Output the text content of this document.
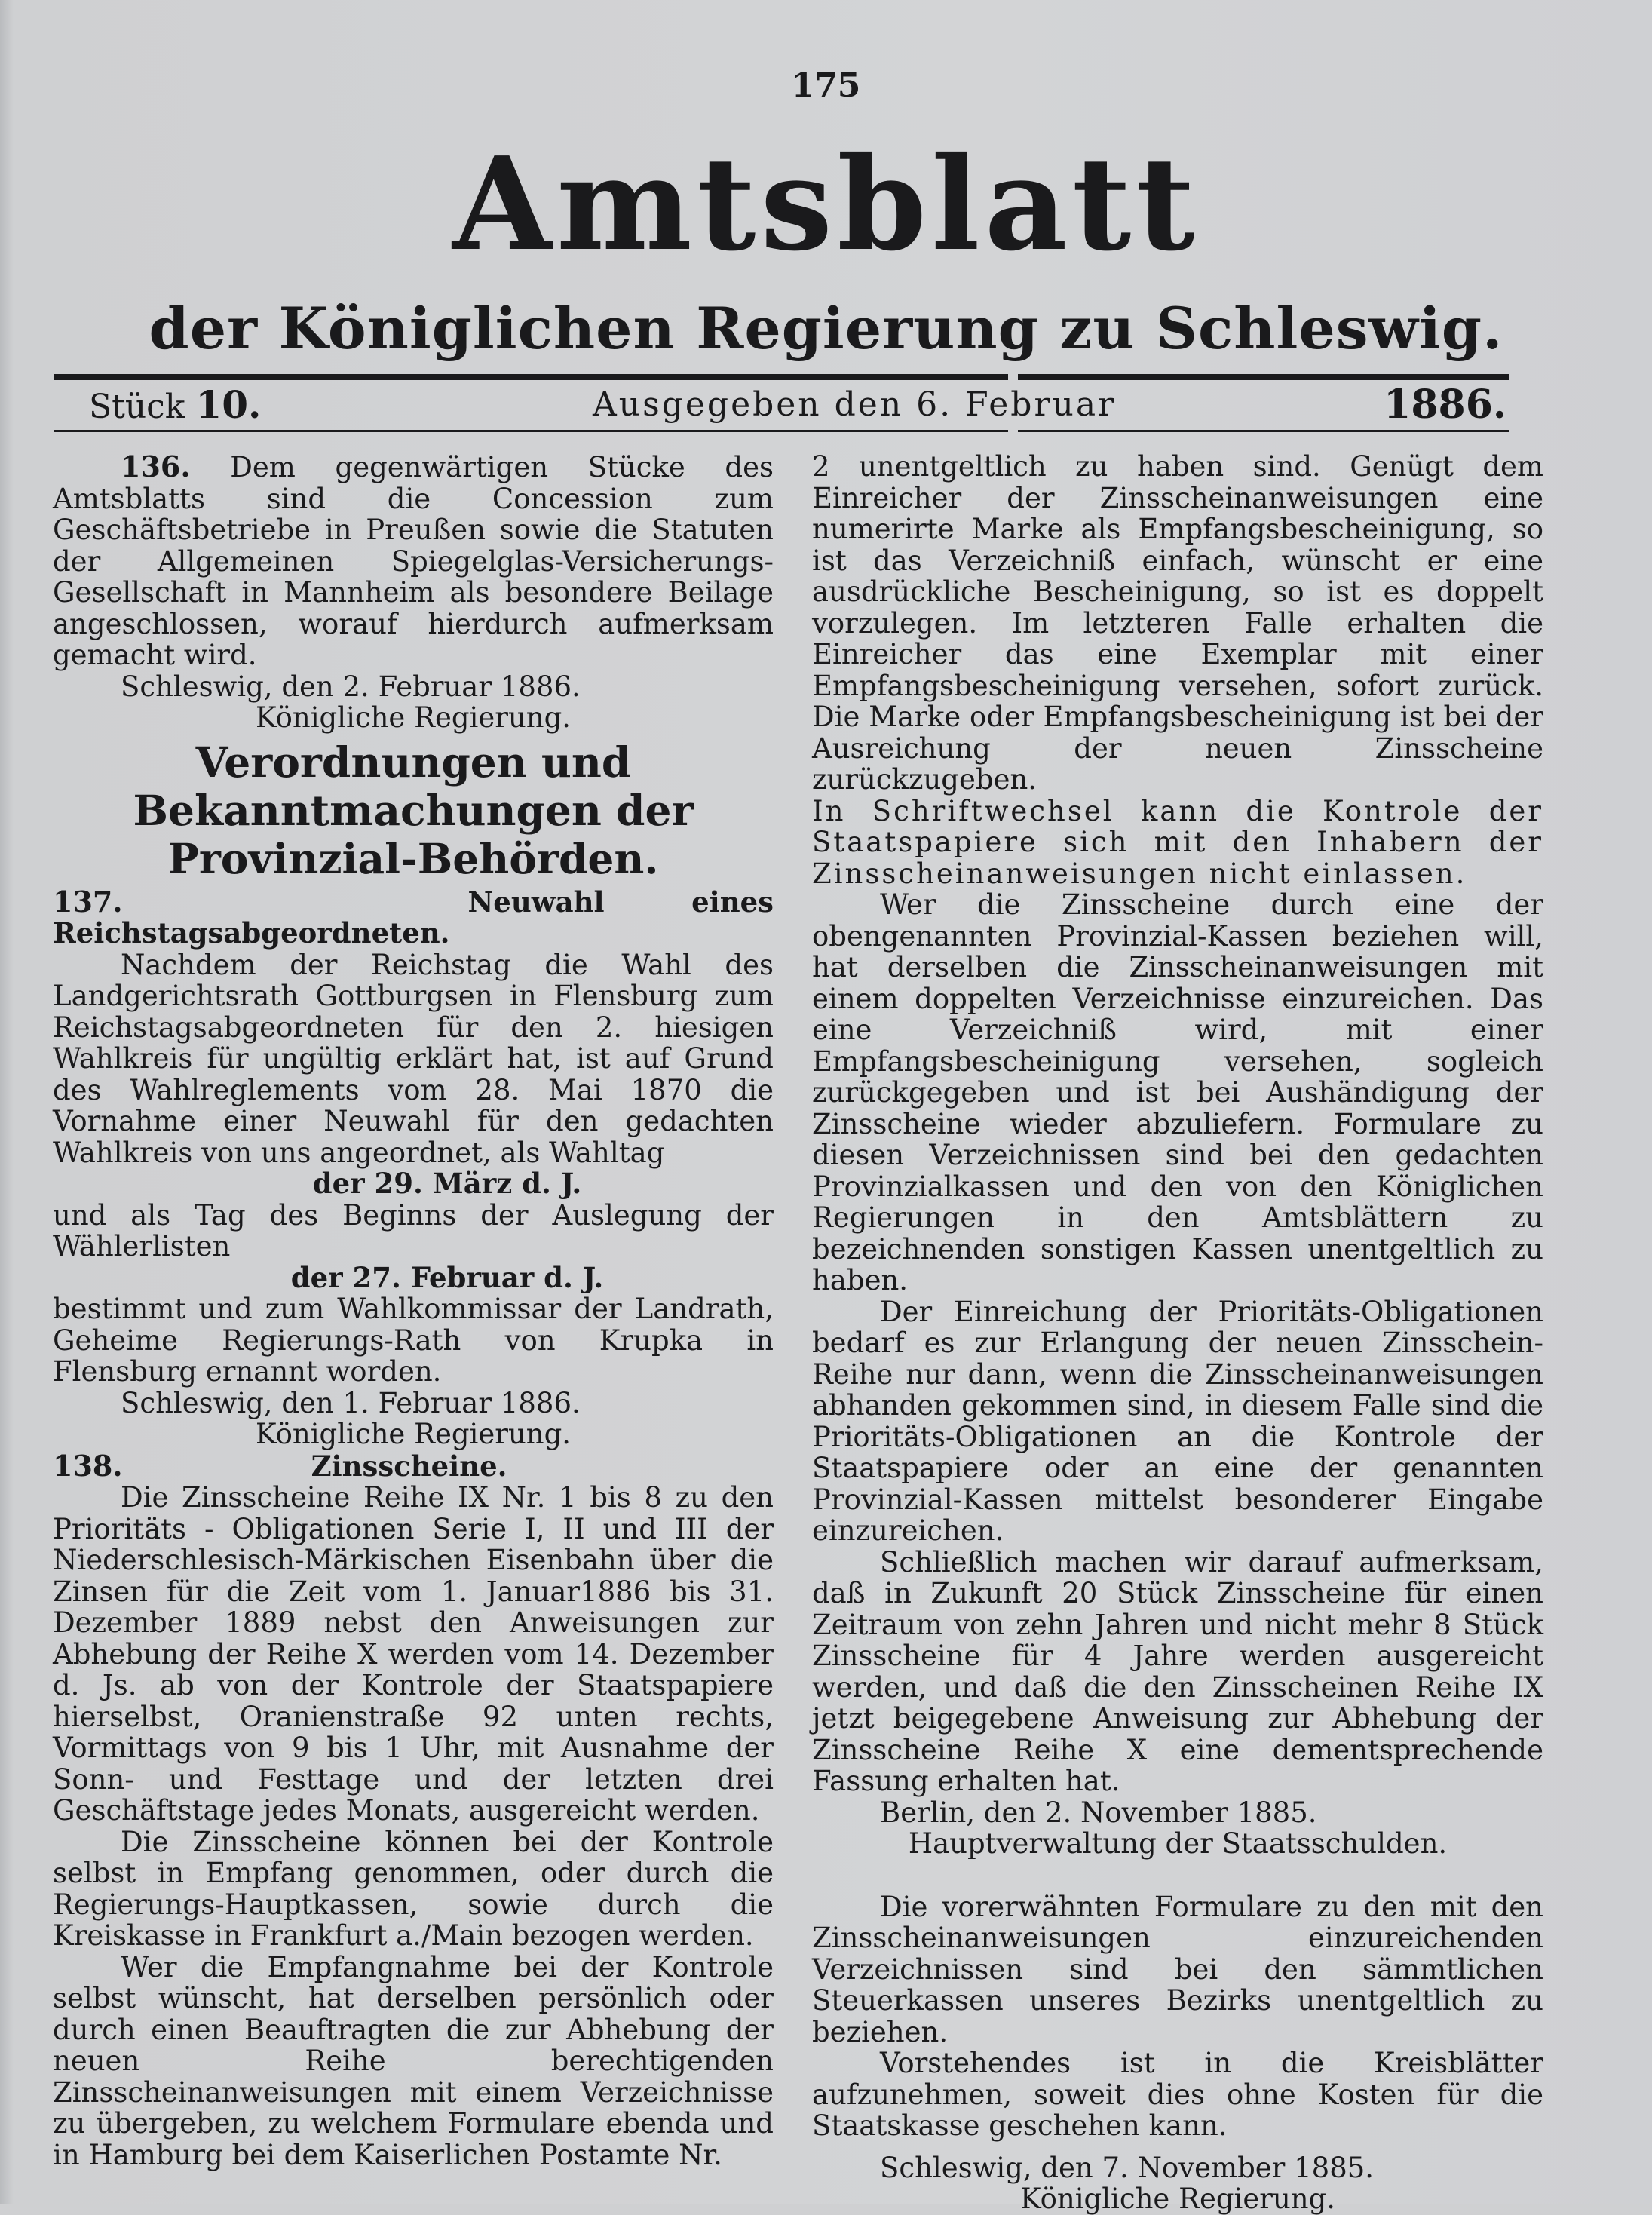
175
Amtsblatt
der Königlichen Regierung zu Schleswig.
Stück 10.	Ausgegeben den 6. Februar	1886.

136. Dem gegenwärtigen Stücke des Amtsblatts sind die Concession zum Geschäftsbetriebe in Preußen sowie die Statuten der Allgemeinen Spiegelglas-Versicherungs-Gesellschaft in Mannheim als besondere Beilage angeschlossen, worauf hierdurch aufmerksam gemacht wird.

Schleswig, den 2. Februar 1886.

Königliche Regierung.

Verordnungen und Bekanntmachungen der Provinzial-Behörden.

137.	Neuwahl eines Reichstagsabgeordneten.

Nachdem der Reichstag die Wahl des Landgerichtsrath Gottburgsen in Flensburg zum Reichstagsabgeordneten für den 2. hiesigen Wahlkreis für ungültig erklärt hat, ist auf Grund des Wahlreglements vom 28. Mai 1870 die Vornahme einer Neuwahl für den gedachten Wahlkreis von uns angeordnet, als Wahltag

der 29. März d. J.

und als Tag des Beginns der Auslegung der Wählerlisten

der 27. Februar d. J.

bestimmt und zum Wahlkommissar der Landrath, Geheime Regierungs-Rath von Krupka in Flensburg ernannt worden.

Schleswig, den 1. Februar 1886.

Königliche Regierung.

138.	Zinsscheine.

Die Zinsscheine Reihe IX Nr. 1 bis 8 zu den Prioritäts - Obligationen Serie I, II und III der Niederschlesisch-Märkischen Eisenbahn über die Zinsen für die Zeit vom 1. Januar1886 bis 31. Dezember 1889 nebst den Anweisungen zur Abhebung der Reihe X werden vom 14. Dezember d. Js. ab von der Kontrole der Staatspapiere hierselbst, Oranienstraße 92 unten rechts, Vormittags von 9 bis 1 Uhr, mit Ausnahme der Sonn- und Festtage und der letzten drei Geschäftstage jedes Monats, ausgereicht werden.

Die Zinsscheine können bei der Kontrole selbst in Empfang genommen, oder durch die Regierungs-Hauptkassen, sowie durch die Kreiskasse in Frankfurt a./Main bezogen werden.

Wer die Empfangnahme bei der Kontrole selbst wünscht, hat derselben persönlich oder durch einen Beauftragten die zur Abhebung der neuen Reihe berechtigenden Zinsscheinanweisungen mit einem Verzeichnisse zu übergeben, zu welchem Formulare ebenda und in Hamburg bei dem Kaiserlichen Postamte Nr.

2 unentgeltlich zu haben sind. Genügt dem Einreicher der Zinsscheinanweisungen eine numerirte Marke als Empfangsbescheinigung, so ist das Verzeichniß einfach, wünscht er eine ausdrückliche Bescheinigung, so ist es doppelt vorzulegen. Im letzteren Falle erhalten die Einreicher das eine Exemplar mit einer Empfangsbescheinigung versehen, sofort zurück. Die Marke oder Empfangsbescheinigung ist bei der Ausreichung der neuen Zinsscheine zurückzugeben.

In Schriftwechsel kann die Kontrole der Staatspapiere sich mit den Inhabern der Zinsscheinanweisungen nicht einlassen.

Wer die Zinsscheine durch eine der obengenannten Provinzial-Kassen beziehen will, hat derselben die Zinsscheinanweisungen mit einem doppelten Verzeichnisse einzureichen. Das eine Verzeichniß wird, mit einer Empfangsbescheinigung versehen, sogleich zurückgegeben und ist bei Aushändigung der Zinsscheine wieder abzuliefern. Formulare zu diesen Verzeichnissen sind bei den gedachten Provinzialkassen und den von den Königlichen Regierungen in den Amtsblättern zu bezeichnenden sonstigen Kassen unentgeltlich zu haben.

Der Einreichung der Prioritäts-Obligationen bedarf es zur Erlangung der neuen Zinsschein-Reihe nur dann, wenn die Zinsscheinanweisungen abhanden gekommen sind, in diesem Falle sind die Prioritäts-Obligationen an die Kontrole der Staatspapiere oder an eine der genannten Provinzial-Kassen mittelst besonderer Eingabe einzureichen.

Schließlich machen wir darauf aufmerksam, daß in Zukunft 20 Stück Zinsscheine für einen Zeitraum von zehn Jahren und nicht mehr 8 Stück Zinsscheine für 4 Jahre werden ausgereicht werden, und daß die den Zinsscheinen Reihe IX jetzt beigegebene Anweisung zur Abhebung der Zinsscheine Reihe X eine dementsprechende Fassung erhalten hat.

Berlin, den 2. November 1885.

Hauptverwaltung der Staatsschulden.

Die vorerwähnten Formulare zu den mit den Zinsscheinanweisungen einzureichenden Verzeichnissen sind bei den sämmtlichen Steuerkassen unseres Bezirks unentgeltlich zu beziehen.

Vorstehendes ist in die Kreisblätter aufzunehmen, soweit dies ohne Kosten für die Staatskasse geschehen kann.

Schleswig, den 7. November 1885.

Königliche Regierung.
